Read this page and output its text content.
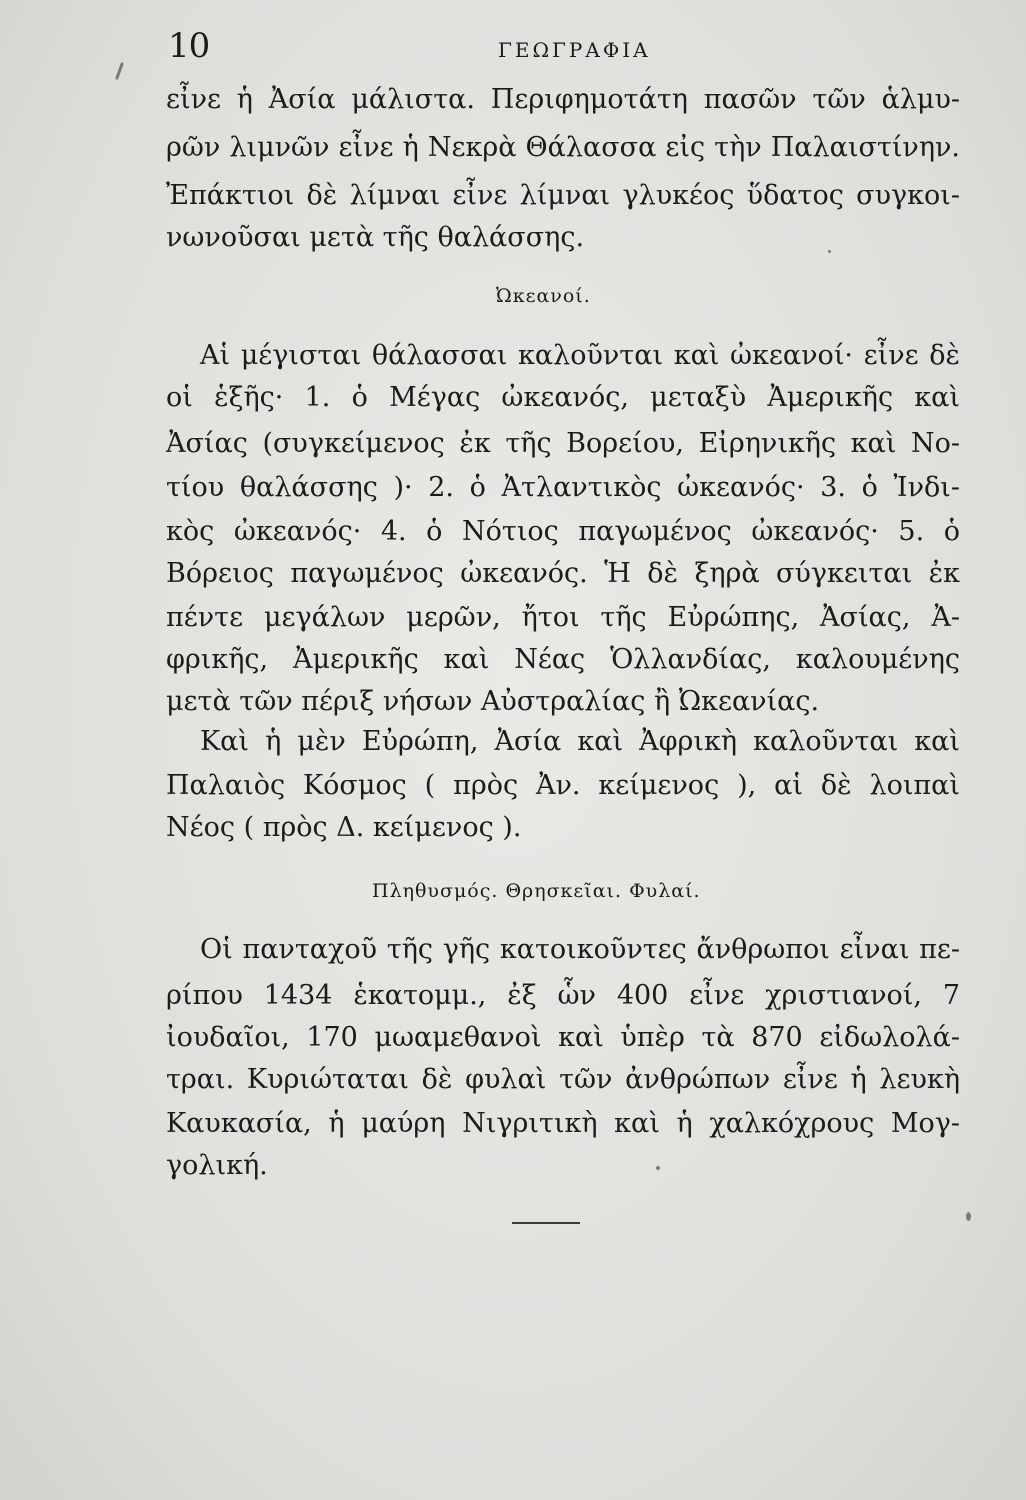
10	ΓΕΩΓΡΑΦΙΑ
εἶνε ἡ Ἀσία μάλιστα. Περιφημοτάτη πασῶν τῶν ἁλμυ-
ρῶν λιμνῶν εἶνε ἡ Νεκρὰ Θάλασσα εἰς τὴν Παλαιστίνην.
Ἐπάκτιοι δὲ λίμναι εἶνε λίμναι γλυκέος ὕδατος συγκοι-
νωνοῦσαι μετὰ τῆς θαλάσσης.
Ὠκεανοί.
Αἱ μέγισται θάλασσαι καλοῦνται καὶ ὠκεανοί· εἶνε δὲ
οἱ ἑξῆς· 1. ὁ Μέγας ὠκεανός, μεταξὺ Ἀμερικῆς καὶ
Ἀσίας (συγκείμενος ἐκ τῆς Βορείου, Εἰρηνικῆς καὶ Νο-
τίου θαλάσσης )· 2. ὁ Ἀτλαντικὸς ὠκεανός· 3. ὁ Ἰνδι-
κὸς ὠκεανός· 4. ὁ Νότιος παγωμένος ὠκεανός· 5. ὁ
Βόρειος παγωμένος ὠκεανός. Ἡ δὲ ξηρὰ σύγκειται ἐκ
πέντε μεγάλων μερῶν, ἤτοι τῆς Εὐρώπης, Ἀσίας, Ἀ-
φρικῆς, Ἀμερικῆς καὶ Νέας Ὁλλανδίας, καλουμένης
μετὰ τῶν πέριξ νήσων Αὐστραλίας ἢ Ὠκεανίας.
Καὶ ἡ μὲν Εὐρώπη, Ἀσία καὶ Ἀφρικὴ καλοῦνται καὶ
Παλαιὸς Κόσμος ( πρὸς Ἀν. κείμενος ), αἱ δὲ λοιπαὶ
Νέος ( πρὸς Δ. κείμενος ).
Πληθυσμός. Θρησκεῖαι. Φυλαί.
Οἱ πανταχοῦ τῆς γῆς κατοικοῦντες ἄνθρωποι εἶναι πε-
ρίπου 1434 ἑκατομμ., ἐξ ὧν 400 εἶνε χριστιανοί, 7
ἰουδαῖοι, 170 μωαμεθανοὶ καὶ ὑπὲρ τὰ 870 εἰδωλολά-
τραι. Κυριώταται δὲ φυλαὶ τῶν ἀνθρώπων εἶνε ἡ λευκὴ
Καυκασία, ἡ μαύρη Νιγριτικὴ καὶ ἡ χαλκόχρους Μογ-
γολική.
